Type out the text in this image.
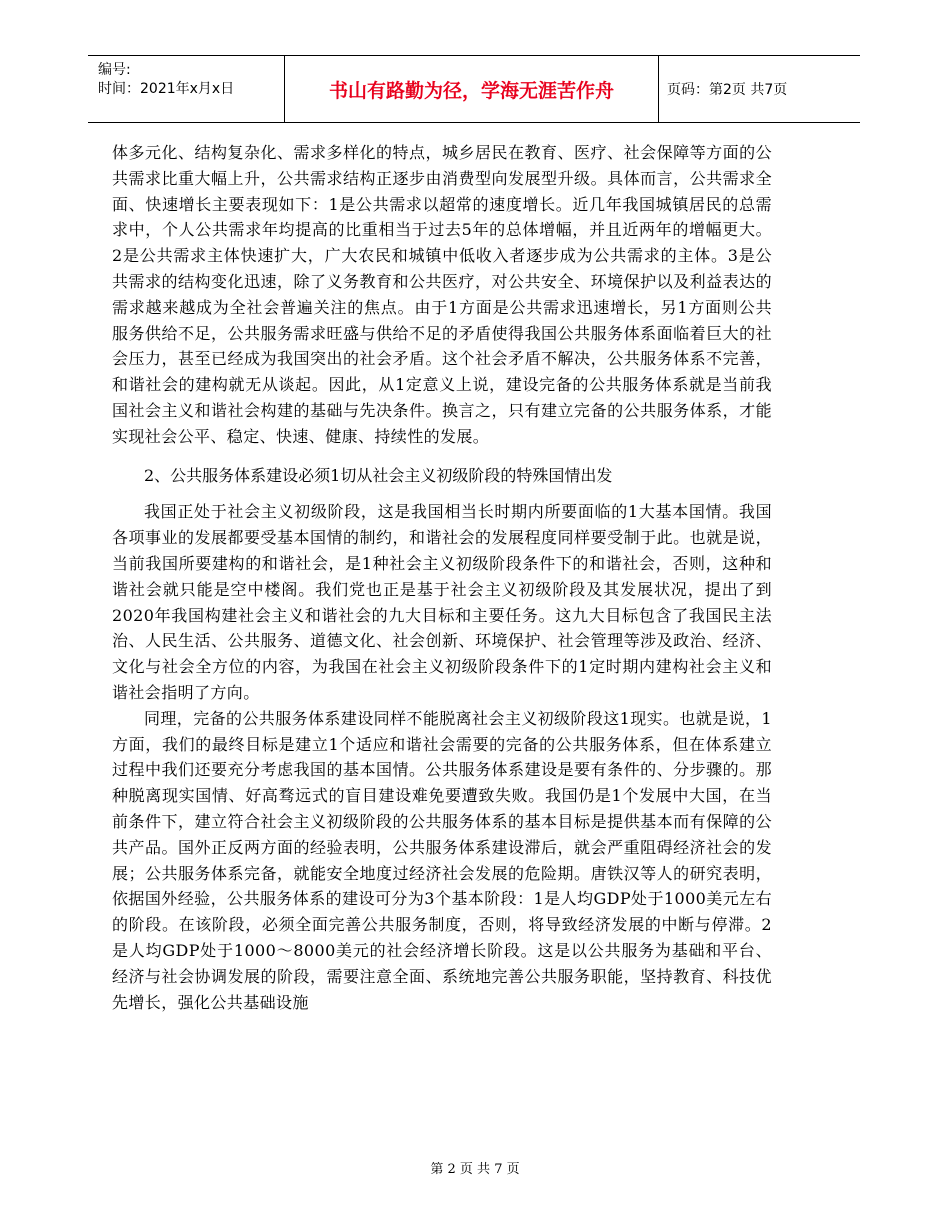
编号:
时间：2021年x月x日	书山有路勤为径，学海无涯苦作舟	页码：第2页 共7页

体多元化、结构复杂化、需求多样化的特点，城乡居民在教育、医疗、社会保障等方面的公共需求比重大幅上升，公共需求结构正逐步由消费型向发展型升级。具体而言，公共需求全面、快速增长主要表现如下：1是公共需求以超常的速度增长。近几年我国城镇居民的总需求中，个人公共需求年均提高的比重相当于过去5年的总体增幅，并且近两年的增幅更大。2是公共需求主体快速扩大，广大农民和城镇中低收入者逐步成为公共需求的主体。3是公共需求的结构变化迅速，除了义务教育和公共医疗，对公共安全、环境保护以及利益表达的需求越来越成为全社会普遍关注的焦点。由于1方面是公共需求迅速增长，另1方面则公共服务供给不足，公共服务需求旺盛与供给不足的矛盾使得我国公共服务体系面临着巨大的社会压力，甚至已经成为我国突出的社会矛盾。这个社会矛盾不解决，公共服务体系不完善，和谐社会的建构就无从谈起。因此，从1定意义上说，建设完备的公共服务体系就是当前我国社会主义和谐社会构建的基础与先决条件。换言之，只有建立完备的公共服务体系，才能实现社会公平、稳定、快速、健康、持续性的发展。

2、公共服务体系建设必须1切从社会主义初级阶段的特殊国情出发

我国正处于社会主义初级阶段，这是我国相当长时期内所要面临的1大基本国情。我国各项事业的发展都要受基本国情的制约，和谐社会的发展程度同样要受制于此。也就是说，当前我国所要建构的和谐社会，是1种社会主义初级阶段条件下的和谐社会，否则，这种和谐社会就只能是空中楼阁。我们党也正是基于社会主义初级阶段及其发展状况，提出了到2020年我国构建社会主义和谐社会的九大目标和主要任务。这九大目标包含了我国民主法治、人民生活、公共服务、道德文化、社会创新、环境保护、社会管理等涉及政治、经济、文化与社会全方位的内容，为我国在社会主义初级阶段条件下的1定时期内建构社会主义和谐社会指明了方向。

同理，完备的公共服务体系建设同样不能脱离社会主义初级阶段这1现实。也就是说，1方面，我们的最终目标是建立1个适应和谐社会需要的完备的公共服务体系，但在体系建立过程中我们还要充分考虑我国的基本国情。公共服务体系建设是要有条件的、分步骤的。那种脱离现实国情、好高骛远式的盲目建设难免要遭致失败。我国仍是1个发展中大国，在当前条件下，建立符合社会主义初级阶段的公共服务体系的基本目标是提供基本而有保障的公共产品。国外正反两方面的经验表明，公共服务体系建设滞后，就会严重阻碍经济社会的发展；公共服务体系完备，就能安全地度过经济社会发展的危险期。唐铁汉等人的研究表明，依据国外经验，公共服务体系的建设可分为3个基本阶段：1是人均GDP处于1000美元左右的阶段。在该阶段，必须全面完善公共服务制度，否则，将导致经济发展的中断与停滞。2是人均GDP处于1000～8000美元的社会经济增长阶段。这是以公共服务为基础和平台、经济与社会协调发展的阶段，需要注意全面、系统地完善公共服务职能，坚持教育、科技优先增长，强化公共基础设施

第 2 页 共 7 页
